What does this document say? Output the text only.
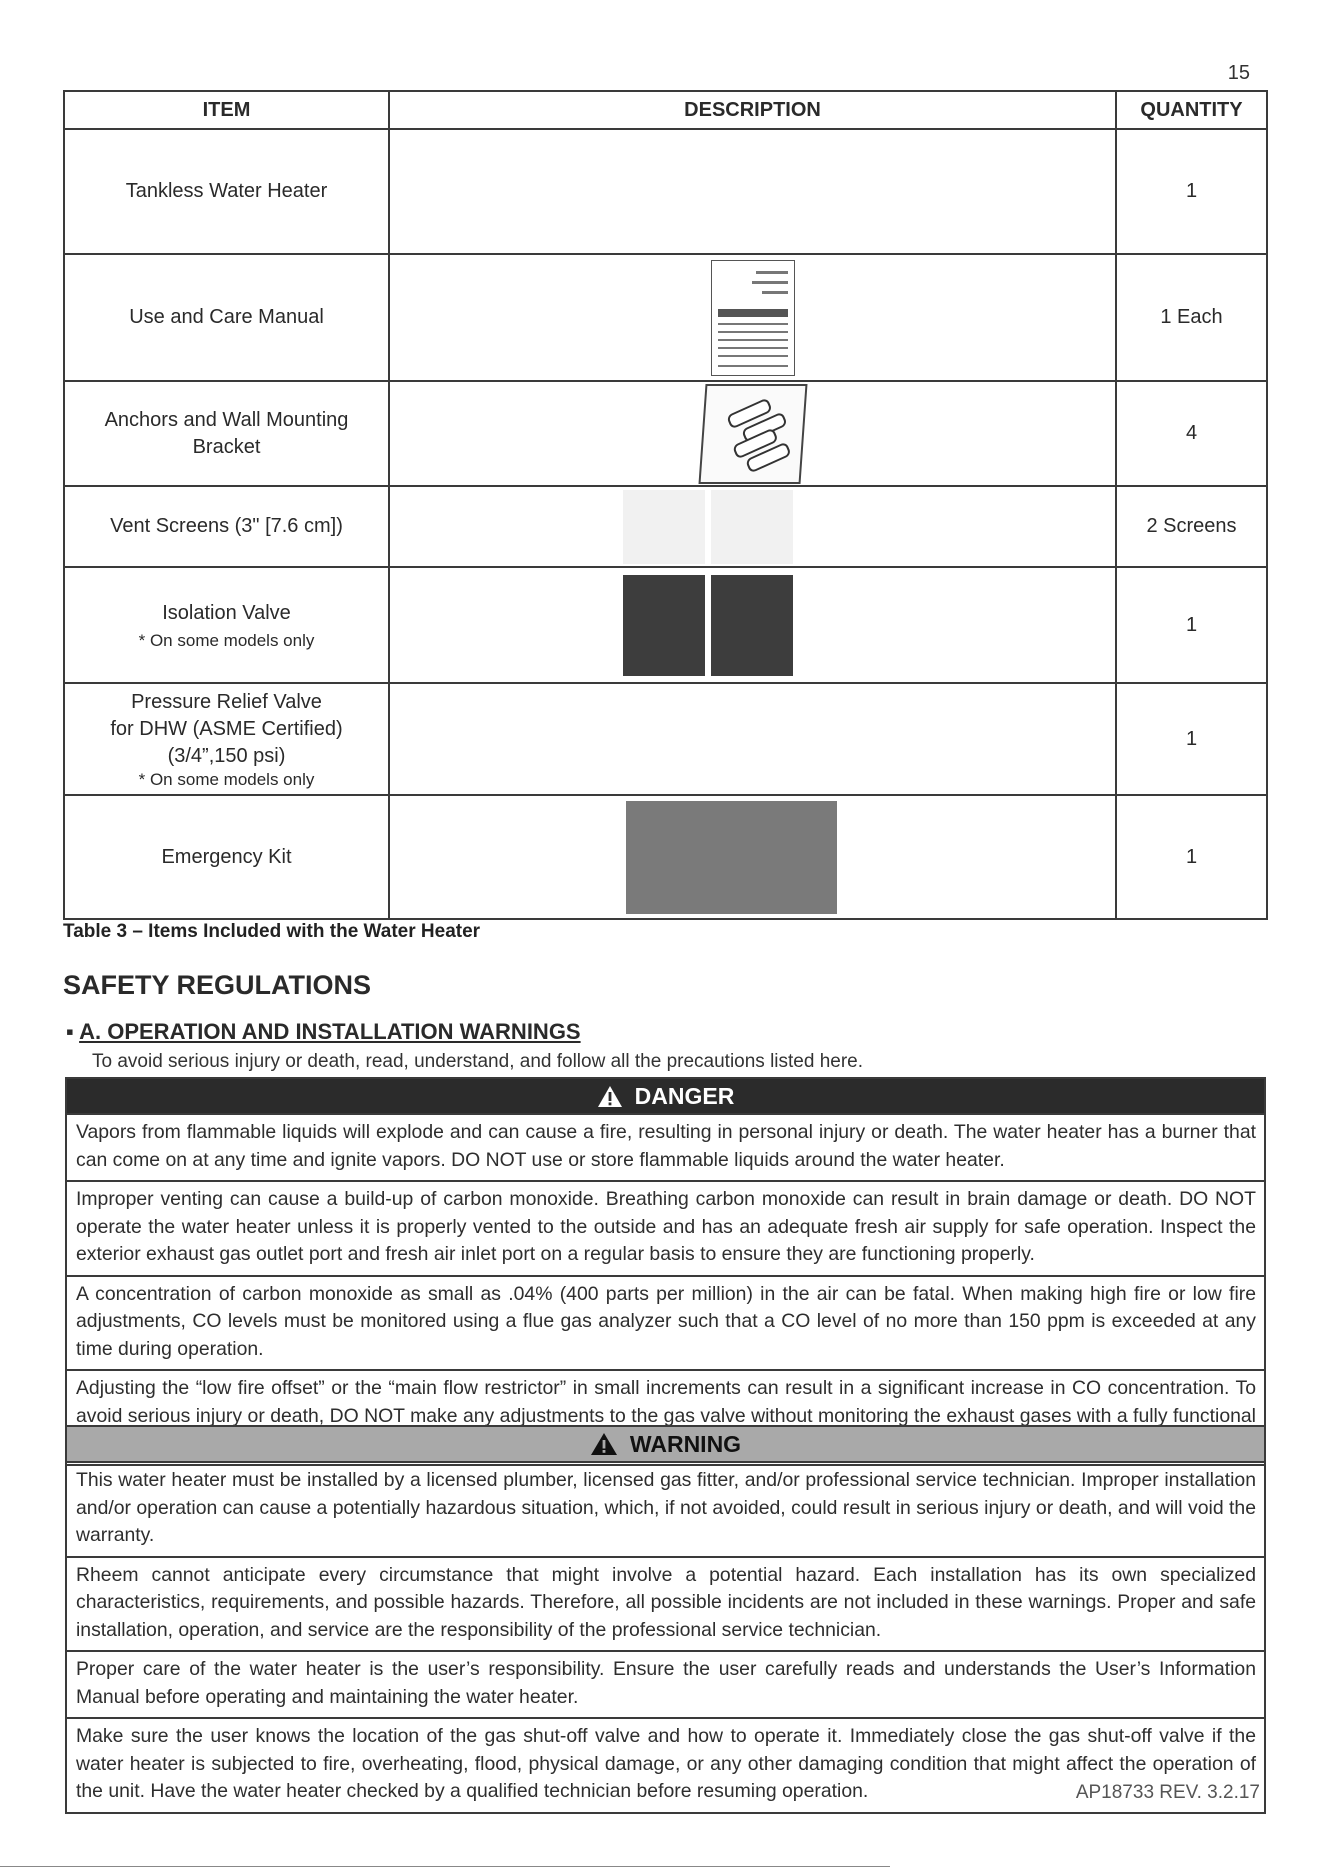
15
ITEM	DESCRIPTION	QUANTITY

Tankless Water Heater		1

Use and Care Manual		1 Each

Anchors and Wall Mounting Bracket		4

Vent Screens (3" [7.6 cm])		2 Screens

Isolation Valve
* On some models only		1

Pressure Relief Valve
for DHW (ASME Certified)
(3/4”,150 psi)
* On some models only		1

Emergency Kit		1
Table 3 – Items Included with the Water Heater
SAFETY REGULATIONS
▪ A. OPERATION AND INSTALLATION WARNINGS
To avoid serious injury or death, read, understand, and follow all the precautions listed here.
DANGER
Vapors from flammable liquids will explode and can cause a fire, resulting in personal injury or death. The water heater has a burner that can come on at any time and ignite vapors. DO NOT use or store flammable liquids around the water heater.
Improper venting can cause a build-up of carbon monoxide. Breathing carbon monoxide can result in brain damage or death. DO NOT operate the water heater unless it is properly vented to the outside and has an adequate fresh air supply for safe operation. Inspect the exterior exhaust gas outlet port and fresh air inlet port on a regular basis to ensure they are functioning properly.
A concentration of carbon monoxide as small as .04% (400 parts per million) in the air can be fatal. When making high fire or low fire adjustments, CO levels must be monitored using a flue gas analyzer such that a CO level of no more than 150 ppm is exceeded at any time during operation.
Adjusting the “low fire offset” or the “main flow restrictor” in small increments can result in a significant increase in CO concentration. To avoid serious injury or death, DO NOT make any adjustments to the gas valve without monitoring the exhaust gases with a fully functional
WARNING
This water heater must be installed by a licensed plumber, licensed gas fitter, and/or professional service technician. Improper installation and/or operation can cause a potentially hazardous situation, which, if not avoided, could result in serious injury or death, and will void the warranty.
Rheem cannot anticipate every circumstance that might involve a potential hazard. Each installation has its own specialized characteristics, requirements, and possible hazards. Therefore, all possible incidents are not included in these warnings. Proper and safe installation, operation, and service are the responsibility of the professional service technician.
Proper care of the water heater is the user’s responsibility. Ensure the user carefully reads and understands the User’s Information Manual before operating and maintaining the water heater.
Make sure the user knows the location of the gas shut-off valve and how to operate it. Immediately close the gas shut-off valve if the water heater is subjected to fire, overheating, flood, physical damage, or any other damaging condition that might affect the operation of the unit. Have the water heater checked by a qualified technician before resuming operation.	AP18733 REV. 3.2.17
